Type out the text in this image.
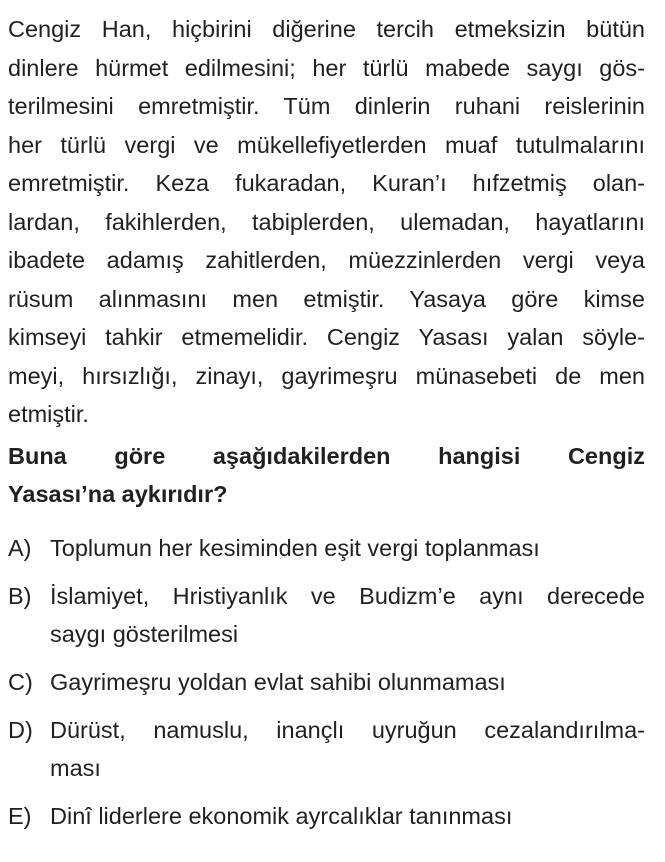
Cengiz Han, hiçbirini diğerine tercih etmeksizin bütün
dinlere hürmet edilmesini; her türlü mabede saygı gös-
terilmesini emretmiştir. Tüm dinlerin ruhani reislerinin
her türlü vergi ve mükellefiyetlerden muaf tutulmalarını
emretmiştir. Keza fukaradan, Kuran’ı hıfzetmiş olan-
lardan, fakihlerden, tabiplerden, ulemadan, hayatlarını
ibadete adamış zahitlerden, müezzinlerden vergi veya
rüsum alınmasını men etmiştir. Yasaya göre kimse
kimseyi tahkir etmemelidir. Cengiz Yasası yalan söyle-
meyi, hırsızlığı, zinayı, gayrimeşru münasebeti de men
etmiştir.
Buna göre aşağıdakilerden hangisi Cengiz
Yasası’na aykırıdır?
A) Toplumun her kesiminden eşit vergi toplanması
B) İslamiyet, Hristiyanlık ve Budizm’e aynı derecede
saygı gösterilmesi
C) Gayrimeşru yoldan evlat sahibi olunmaması
D) Dürüst, namuslu, inançlı uyruğun cezalandırılma-
ması
E) Dinî liderlere ekonomik ayrcalıklar tanınması
